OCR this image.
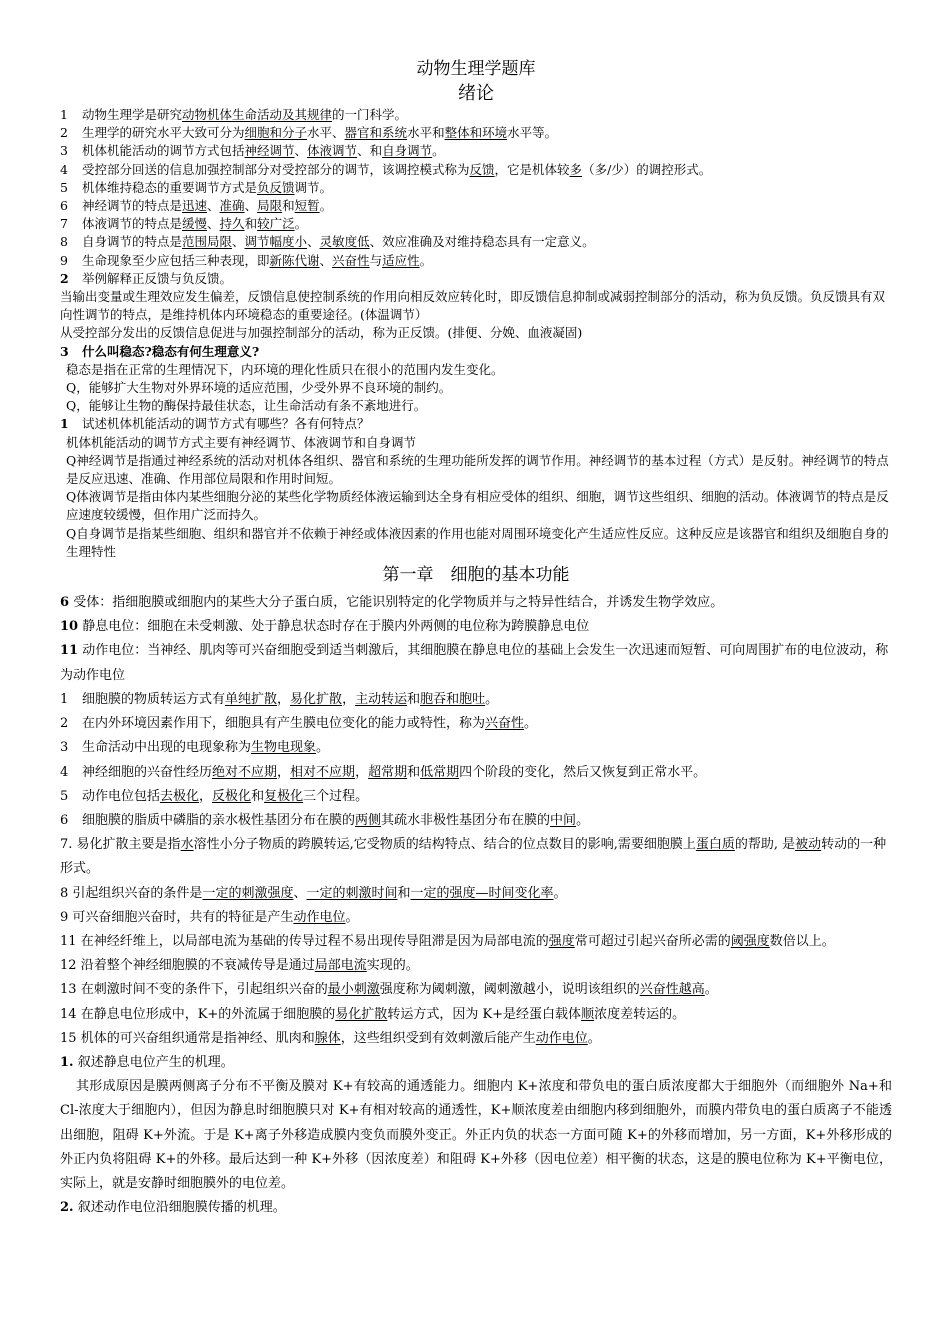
动物生理学题库
绪论
1 动物生理学是研究动物机体生命活动及其规律的一门科学。
2 生理学的研究水平大致可分为细胞和分子水平、器官和系统水平和整体和环境水平等。
3 机体机能活动的调节方式包括神经调节、体液调节、和自身调节。
4 受控部分回送的信息加强控制部分对受控部分的调节，该调控模式称为反馈，它是机体较多（多/少）的调控形式。
5 机体维持稳态的重要调节方式是负反馈调节。
6 神经调节的特点是迅速、准确、局限和短暂。
7 体液调节的特点是缓慢、持久和较广泛。
8 自身调节的特点是范围局限、调节幅度小、灵敏度低、效应准确及对维持稳态具有一定意义。
9 生命现象至少应包括三种表现，即新陈代谢、兴奋性与适应性。
2 举例解释正反馈与负反馈。
当输出变量或生理效应发生偏差，反馈信息使控制系统的作用向相反效应转化时，即反馈信息抑制或减弱控制部分的活动，称为负反馈。负反馈具有双向性调节的特点，是维持机体内环境稳态的重要途径。(体温调节）
从受控部分发出的反馈信息促进与加强控制部分的活动，称为正反馈。(排便、分娩、血液凝固)
3 什么叫稳态?稳态有何生理意义?
稳态是指在正常的生理情况下，内环境的理化性质只在很小的范围内发生变化。
Q，能够扩大生物对外界环境的适应范围，少受外界不良环境的制约。
Q，能够让生物的酶保持最佳状态，让生命活动有条不紊地进行。
1 试述机体机能活动的调节方式有哪些？各有何特点？
机体机能活动的调节方式主要有神经调节、体液调节和自身调节
Q神经调节是指通过神经系统的活动对机体各组织、器官和系统的生理功能所发挥的调节作用。神经调节的基本过程（方式）是反射。神经调节的特点是反应迅速、准确、作用部位局限和作用时间短。
Q体液调节是指由体内某些细胞分泌的某些化学物质经体液运输到达全身有相应受体的组织、细胞，调节这些组织、细胞的活动。体液调节的特点是反应速度较缓慢，但作用广泛而持久。
Q自身调节是指某些细胞、组织和器官并不依赖于神经或体液因素的作用也能对周围环境变化产生适应性反应。这种反应是该器官和组织及细胞自身的生理特性
第一章　细胞的基本功能
6 受体：指细胞膜或细胞内的某些大分子蛋白质，它能识别特定的化学物质并与之特异性结合，并诱发生物学效应。
10 静息电位：细胞在未受刺激、处于静息状态时存在于膜内外两侧的电位称为跨膜静息电位
11 动作电位：当神经、肌肉等可兴奋细胞受到适当刺激后，其细胞膜在静息电位的基础上会发生一次迅速而短暂、可向周围扩布的电位波动，称为动作电位
1 细胞膜的物质转运方式有单纯扩散，易化扩散，主动转运和胞吞和胞吐。
2 在内外环境因素作用下，细胞具有产生膜电位变化的能力或特性，称为兴奋性。
3 生命活动中出现的电现象称为生物电现象。
4 神经细胞的兴奋性经历绝对不应期，相对不应期，超常期和低常期四个阶段的变化，然后又恢复到正常水平。
5 动作电位包括去极化，反极化和复极化三个过程。
6 细胞膜的脂质中磷脂的亲水极性基团分布在膜的两侧其疏水非极性基团分布在膜的中间。
7. 易化扩散主要是指水溶性小分子物质的跨膜转运,它受物质的结构特点、结合的位点数目的影响,需要细胞膜上蛋白质的帮助, 是被动转动的一种形式。
8 引起组织兴奋的条件是一定的刺激强度、一定的刺激时间和一定的强度—时间变化率。
9 可兴奋细胞兴奋时，共有的特征是产生动作电位。
11 在神经纤维上，以局部电流为基础的传导过程不易出现传导阻滞是因为局部电流的强度常可超过引起兴奋所必需的阈强度数倍以上。
12 沿着整个神经细胞膜的不衰减传导是通过局部电流实现的。
13 在刺激时间不变的条件下，引起组织兴奋的最小刺激强度称为阈刺激，阈刺激越小，说明该组织的兴奋性越高。
14 在静息电位形成中，K+的外流属于细胞膜的易化扩散转运方式，因为 K+是经蛋白载体顺浓度差转运的。
15 机体的可兴奋组织通常是指神经、肌肉和腺体，这些组织受到有效刺激后能产生动作电位。
1. 叙述静息电位产生的机理。
其形成原因是膜两侧离子分布不平衡及膜对 K+有较高的通透能力。细胞内 K+浓度和带负电的蛋白质浓度都大于细胞外（而细胞外 Na+和 Cl-浓度大于细胞内），但因为静息时细胞膜只对 K+有相对较高的通透性，K+顺浓度差由细胞内移到细胞外，而膜内带负电的蛋白质离子不能透出细胞，阻碍 K+外流。于是 K+离子外移造成膜内变负而膜外变正。外正内负的状态一方面可随 K+的外移而增加，另一方面，K+外移形成的外正内负将阻碍 K+的外移。最后达到一种 K+外移（因浓度差）和阻碍 K+外移（因电位差）相平衡的状态，这是的膜电位称为 K+平衡电位，实际上，就是安静时细胞膜外的电位差。
2. 叙述动作电位沿细胞膜传播的机理。
